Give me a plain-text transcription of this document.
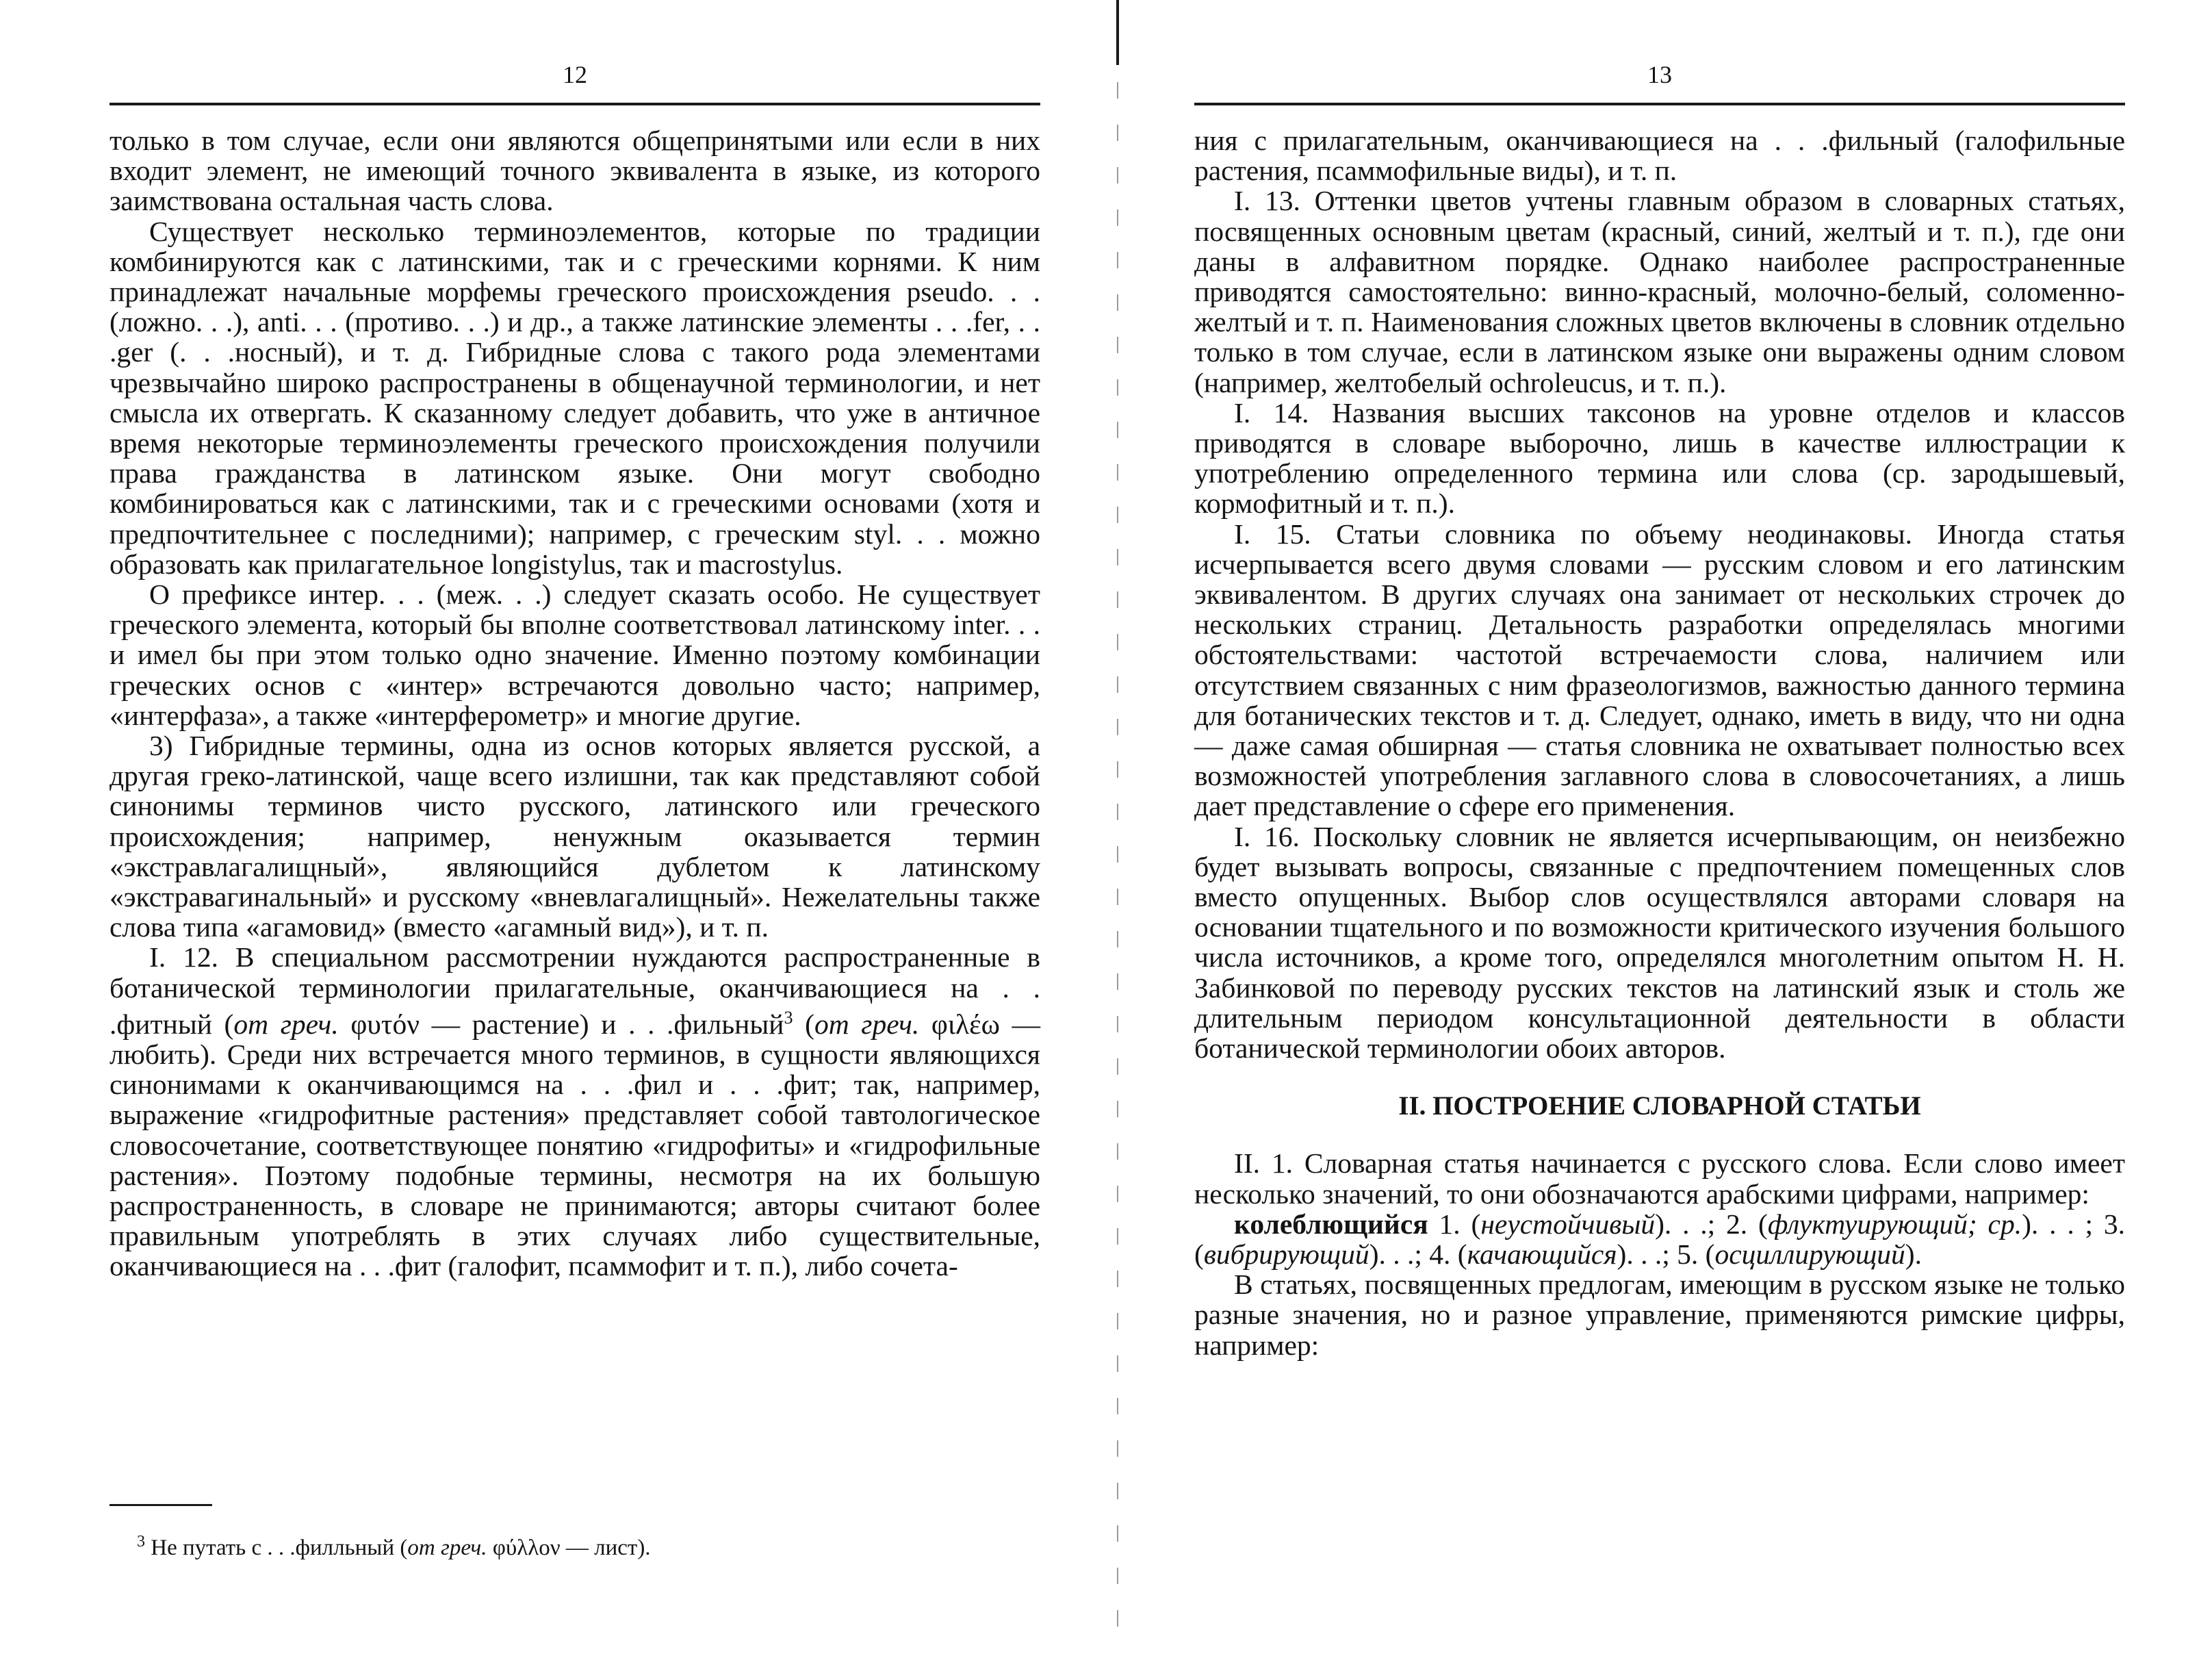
12

только в том случае, если они являются общепринятыми или если в них входит элемент, не имеющий точного эквивалента в языке, из которого заимствована остальная часть слова.

Существует несколько терминоэлементов, которые по традиции комбинируются как с латинскими, так и с греческими корнями. К ним принадлежат начальные морфемы греческого происхождения pseudo. . . (ложно. . .), anti. . . (противо. . .) и др., а также латинские элементы . . .fer, . . .ger (. . .носный), и т. д. Гибридные слова с такого рода элементами чрезвычайно широко распространены в общенаучной терминологии, и нет смысла их отвергать. К сказанному следует добавить, что уже в античное время некоторые терминоэлементы греческого происхождения получили права гражданства в латинском языке. Они могут свободно комбинироваться как с латинскими, так и с греческими основами (хотя и предпочтительнее с последними); например, с греческим styl. . . можно образовать как прилагательное longistylus, так и macrostylus.

О префиксе интер. . . (меж. . .) следует сказать особо. Не существует греческого элемента, который бы вполне соответствовал латинскому inter. . . и имел бы при этом только одно значение. Именно поэтому комбинации греческих основ с «интер» встречаются довольно часто; например, «интерфаза», а также «интерферометр» и многие другие.

3) Гибридные термины, одна из основ которых является русской, а другая греко-латинской, чаще всего излишни, так как представляют собой синонимы терминов чисто русского, латинского или греческого происхождения; например, ненужным оказывается термин «экстравлагалищный», являющийся дублетом к латинскому «экстравагинальный» и русскому «вневлагалищный». Нежелательны также слова типа «агамовид» (вместо «агамный вид»), и т. п.

I. 12. В специальном рассмотрении нуждаются распространенные в ботанической терминологии прилагательные, оканчивающиеся на . . .фитный (от греч. φυτόν — растение) и . . .фильный$^3$ (от греч. φιλέω — любить). Среди них встречается много терминов, в сущности являющихся синонимами к оканчивающимся на . . .фил и . . .фит; так, например, выражение «гидрофитные растения» представляет собой тавтологическое словосочетание, соответствующее понятию «гидрофиты» и «гидрофильные растения». Поэтому подобные термины, несмотря на их большую распространенность, в словаре не принимаются; авторы считают более правильным употреблять в этих случаях либо существительные, оканчивающиеся на . . .фит (галофит, псаммофит и т. п.), либо сочета-

$^3$ Не путать с . . .филльный (от греч. φύλλον — лист).
13

ния с прилагательным, оканчивающиеся на . . .фильный (галофильные растения, псаммофильные виды), и т. п.

I. 13. Оттенки цветов учтены главным образом в словарных статьях, посвященных основным цветам (красный, синий, желтый и т. п.), где они даны в алфавитном порядке. Однако наиболее распространенные приводятся самостоятельно: винно-красный, молочно-белый, соломенно-желтый и т. п. Наименования сложных цветов включены в словник отдельно только в том случае, если в латинском языке они выражены одним словом (например, желтобелый ochroleucus, и т. п.).

I. 14. Названия высших таксонов на уровне отделов и классов приводятся в словаре выборочно, лишь в качестве иллюстрации к употреблению определенного термина или слова (ср. зародышевый, кормофитный и т. п.).

I. 15. Статьи словника по объему неодинаковы. Иногда статья исчерпывается всего двумя словами — русским словом и его латинским эквивалентом. В других случаях она занимает от нескольких строчек до нескольких страниц. Детальность разработки определялась многими обстоятельствами: частотой встречаемости слова, наличием или отсутствием связанных с ним фразеологизмов, важностью данного термина для ботанических текстов и т. д. Следует, однако, иметь в виду, что ни одна — даже самая обширная — статья словника не охватывает полностью всех возможностей употребления заглавного слова в словосочетаниях, а лишь дает представление о сфере его применения.

I. 16. Поскольку словник не является исчерпывающим, он неизбежно будет вызывать вопросы, связанные с предпочтением помещенных слов вместо опущенных. Выбор слов осуществлялся авторами словаря на основании тщательного и по возможности критического изучения большого числа источников, а кроме того, определялся многолетним опытом Н. Н. Забинковой по переводу русских текстов на латинский язык и столь же длительным периодом консультационной деятельности в области ботанической терминологии обоих авторов.

II. ПОСТРОЕНИЕ СЛОВАРНОЙ СТАТЬИ

II. 1. Словарная статья начинается с русского слова. Если слово имеет несколько значений, то они обозначаются арабскими цифрами, например:

колеблющийся 1. (неустойчивый). . .; 2. (флуктуирующий; ср.). . . ; 3. (вибрирующий). . .; 4. (качающийся). . .; 5. (осциллирующий).

В статьях, посвященных предлогам, имеющим в русском языке не только разные значения, но и разное управление, применяются римские цифры, например:
